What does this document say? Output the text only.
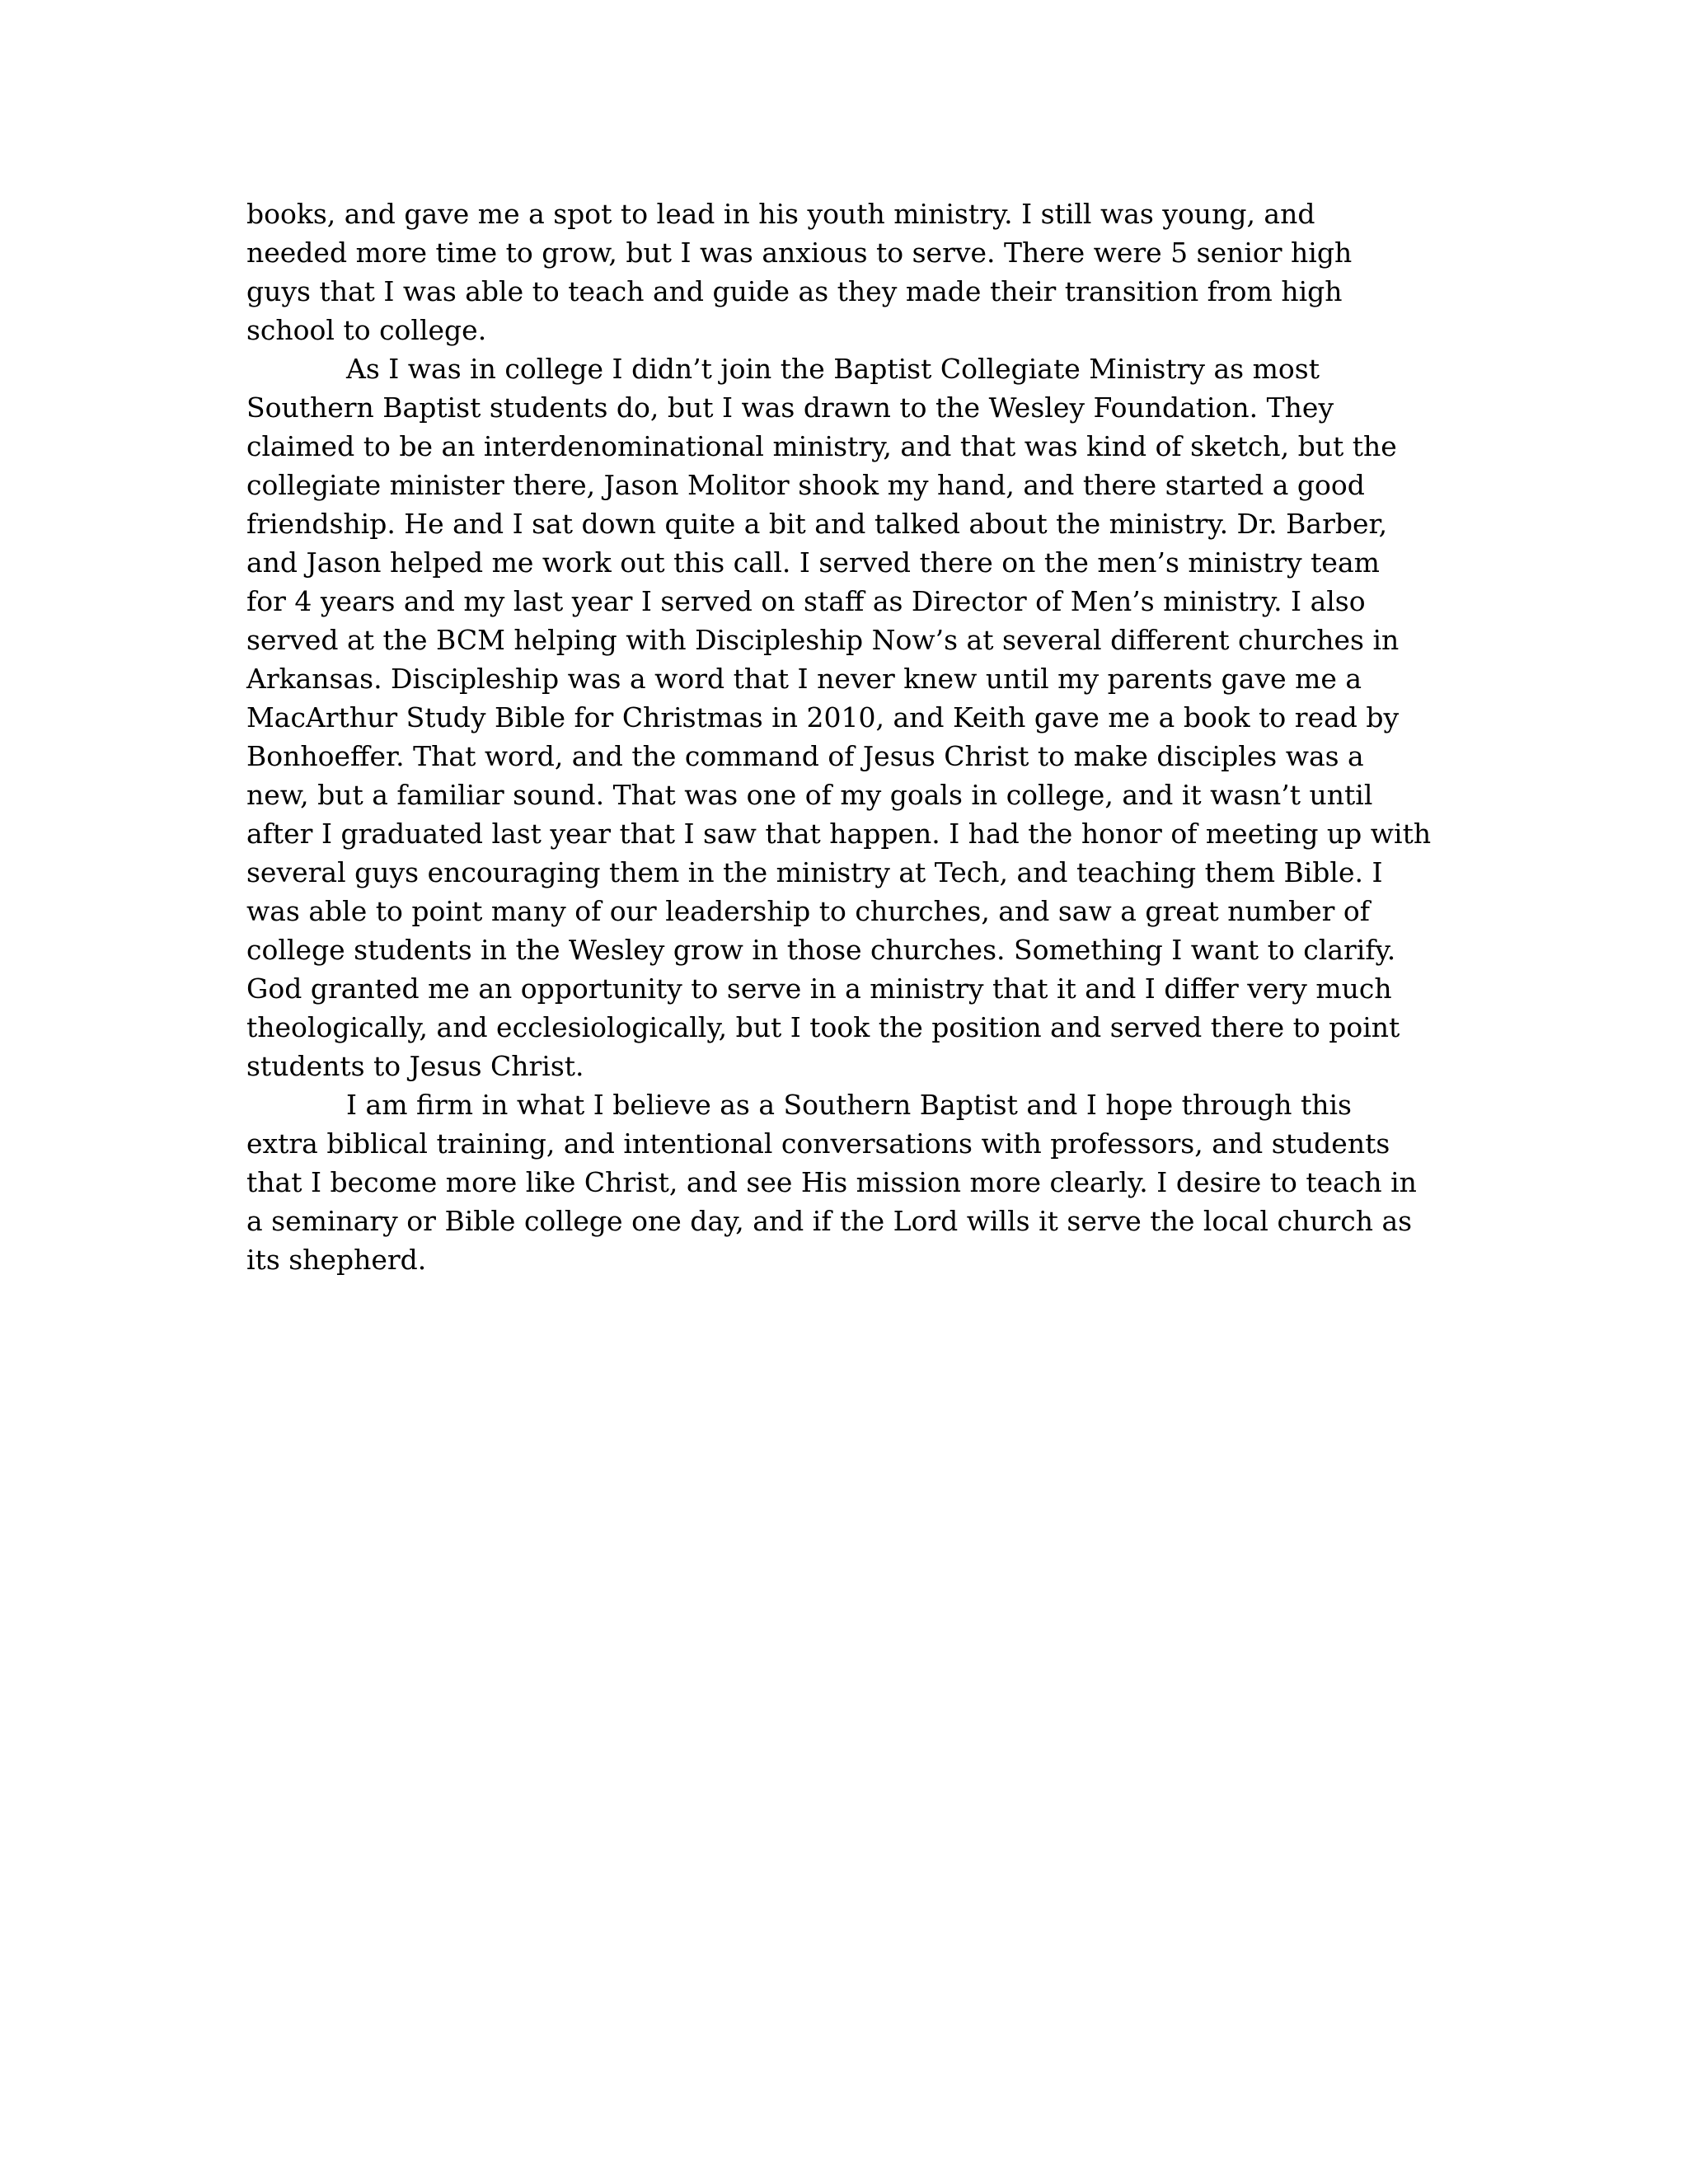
books, and gave me a spot to lead in his youth ministry. I still was young, and
needed more time to grow, but I was anxious to serve. There were 5 senior high
guys that I was able to teach and guide as they made their transition from high
school to college.
As I was in college I didn’t join the Baptist Collegiate Ministry as most
Southern Baptist students do, but I was drawn to the Wesley Foundation. They
claimed to be an interdenominational ministry, and that was kind of sketch, but the
collegiate minister there, Jason Molitor shook my hand, and there started a good
friendship. He and I sat down quite a bit and talked about the ministry. Dr. Barber,
and Jason helped me work out this call. I served there on the men’s ministry team
for 4 years and my last year I served on staff as Director of Men’s ministry. I also
served at the BCM helping with Discipleship Now’s at several different churches in
Arkansas. Discipleship was a word that I never knew until my parents gave me a
MacArthur Study Bible for Christmas in 2010, and Keith gave me a book to read by
Bonhoeffer. That word, and the command of Jesus Christ to make disciples was a
new, but a familiar sound. That was one of my goals in college, and it wasn’t until
after I graduated last year that I saw that happen. I had the honor of meeting up with
several guys encouraging them in the ministry at Tech, and teaching them Bible. I
was able to point many of our leadership to churches, and saw a great number of
college students in the Wesley grow in those churches. Something I want to clarify.
God granted me an opportunity to serve in a ministry that it and I differ very much
theologically, and ecclesiologically, but I took the position and served there to point
students to Jesus Christ.
I am firm in what I believe as a Southern Baptist and I hope through this
extra biblical training, and intentional conversations with professors, and students
that I become more like Christ, and see His mission more clearly. I desire to teach in
a seminary or Bible college one day, and if the Lord wills it serve the local church as
its shepherd.
